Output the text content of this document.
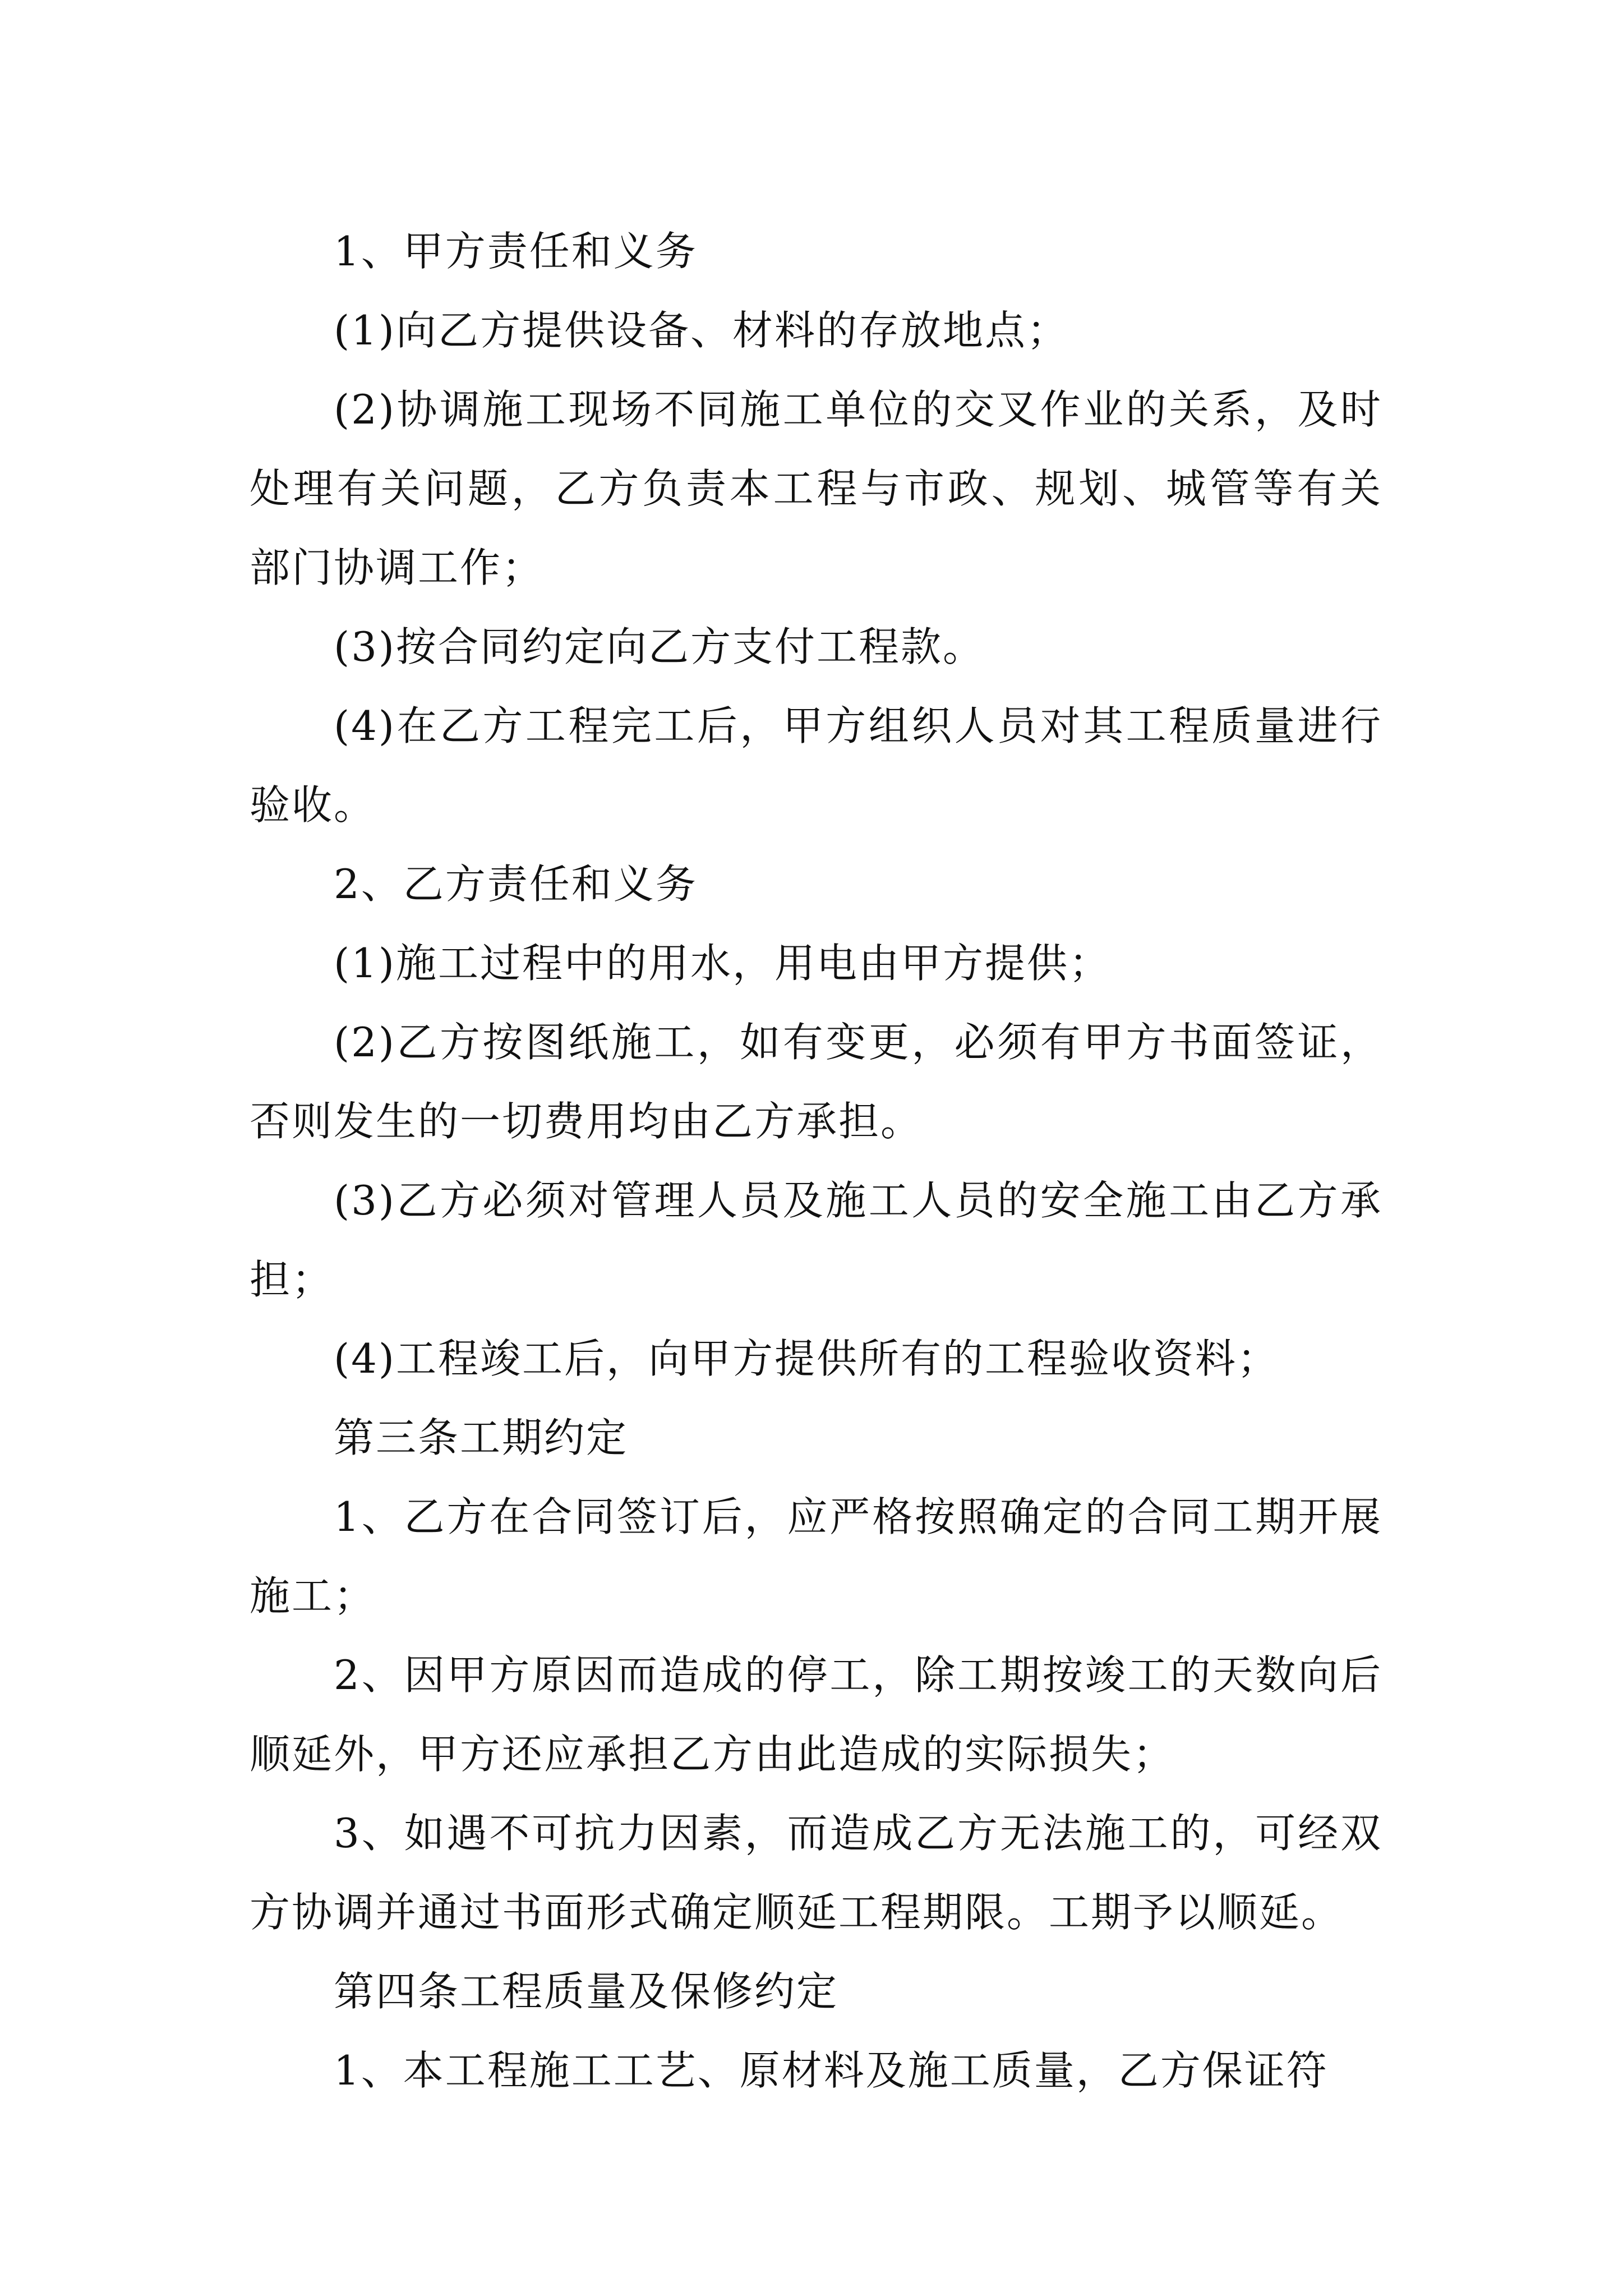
1、甲方责任和义务

(1)向乙方提供设备、材料的存放地点；

(2)协调施工现场不同施工单位的交叉作业的关系，及时处理有关问题，乙方负责本工程与市政、规划、城管等有关部门协调工作；

(3)按合同约定向乙方支付工程款。

(4)在乙方工程完工后，甲方组织人员对其工程质量进行验收。

2、乙方责任和义务

(1)施工过程中的用水，用电由甲方提供；

(2)乙方按图纸施工，如有变更，必须有甲方书面签证，否则发生的一切费用均由乙方承担。

(3)乙方必须对管理人员及施工人员的安全施工由乙方承担；

(4)工程竣工后，向甲方提供所有的工程验收资料；

第三条工期约定

1、乙方在合同签订后，应严格按照确定的合同工期开展施工；

2、因甲方原因而造成的停工，除工期按竣工的天数向后顺延外，甲方还应承担乙方由此造成的实际损失；

3、如遇不可抗力因素，而造成乙方无法施工的，可经双方协调并通过书面形式确定顺延工程期限。工期予以顺延。

第四条工程质量及保修约定

1、本工程施工工艺、原材料及施工质量，乙方保证符
